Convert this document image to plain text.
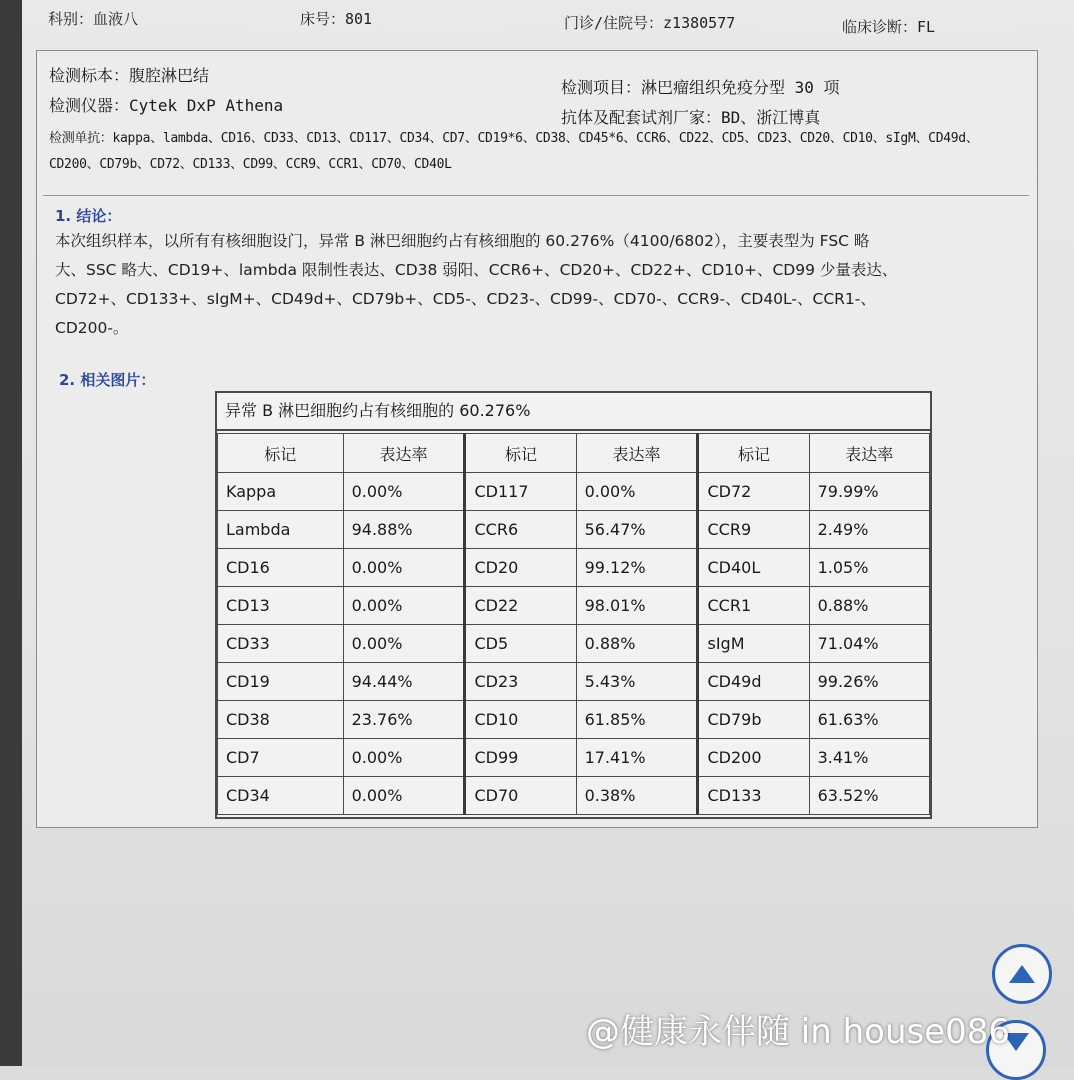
科别：血液八	床号：801	门诊/住院号：z1380577	临床诊断：FL
检测标本：腹腔淋巴结
检测仪器：Cytek DxP Athena
检测项目：淋巴瘤组织免疫分型 30 项
抗体及配套试剂厂家：BD、浙江博真
检测单抗：kappa、lambda、CD16、CD33、CD13、CD117、CD34、CD7、CD19*6、CD38、CD45*6、CCR6、CD22、CD5、CD23、CD20、CD10、sIgM、CD49d、
CD200、CD79b、CD72、CD133、CD99、CCR9、CCR1、CD70、CD40L
1. 结论：
本次组织样本，以所有有核细胞设门，异常 B 淋巴细胞约占有核细胞的 60.276%（4100/6802），主要表型为 FSC 略
大、SSC 略大、CD19+、lambda 限制性表达、CD38 弱阳、CCR6+、CD20+、CD22+、CD10+、CD99 少量表达、
CD72+、CD133+、sIgM+、CD49d+、CD79b+、CD5-、CD23-、CD99-、CD70-、CCR9-、CD40L-、CCR1-、
CD200-。
2. 相关图片：
异常 B 淋巴细胞约占有核细胞的 60.276%
标记	表达率	标记	表达率	标记	表达率
Kappa	0.00%	CD117	0.00%	CD72	79.99%
Lambda	94.88%	CCR6	56.47%	CCR9	2.49%
CD16	0.00%	CD20	99.12%	CD40L	1.05%
CD13	0.00%	CD22	98.01%	CCR1	0.88%
CD33	0.00%	CD5	0.88%	sIgM	71.04%
CD19	94.44%	CD23	5.43%	CD49d	99.26%
CD38	23.76%	CD10	61.85%	CD79b	61.63%
CD7	0.00%	CD99	17.41%	CD200	3.41%
CD34	0.00%	CD70	0.38%	CD133	63.52%
@健康永伴随 in house086
